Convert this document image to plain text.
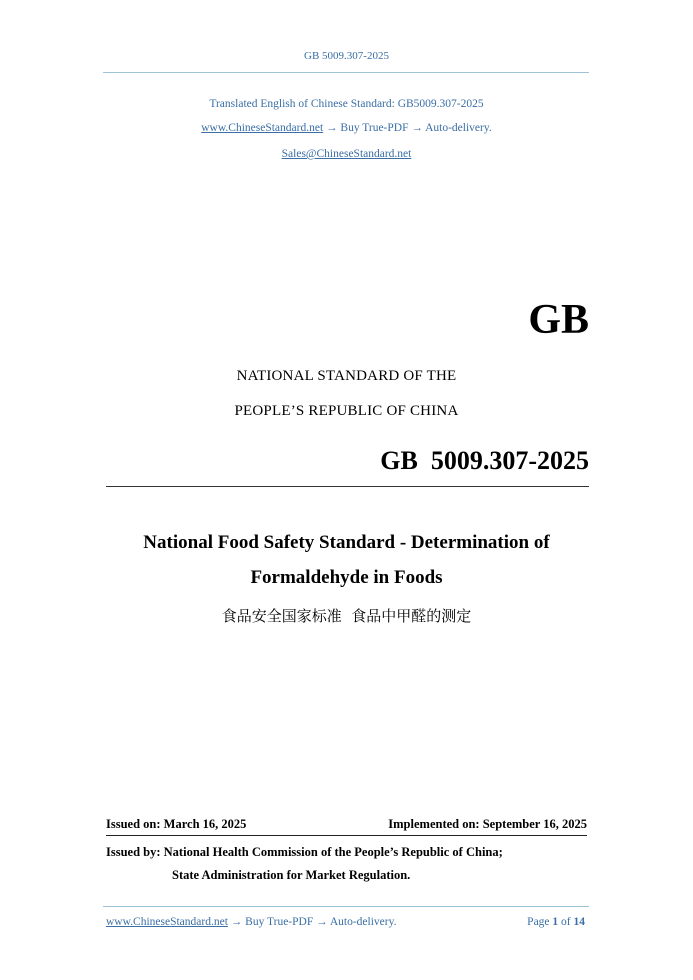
GB 5009.307-2025
Translated English of Chinese Standard: GB5009.307-2025
www.ChineseStandard.net → Buy True-PDF → Auto-delivery.
Sales@ChineseStandard.net
GB
NATIONAL STANDARD OF THE
PEOPLE’S REPUBLIC OF CHINA
GB  5009.307-2025
National Food Safety Standard - Determination of
Formaldehyde in Foods
食品安全国家标准  食品中甲醛的测定
Issued on: March 16, 2025	Implemented on: September 16, 2025
Issued by: National Health Commission of the People’s Republic of China;
State Administration for Market Regulation.
www.ChineseStandard.net → Buy True-PDF → Auto-delivery.	Page 1 of 14
